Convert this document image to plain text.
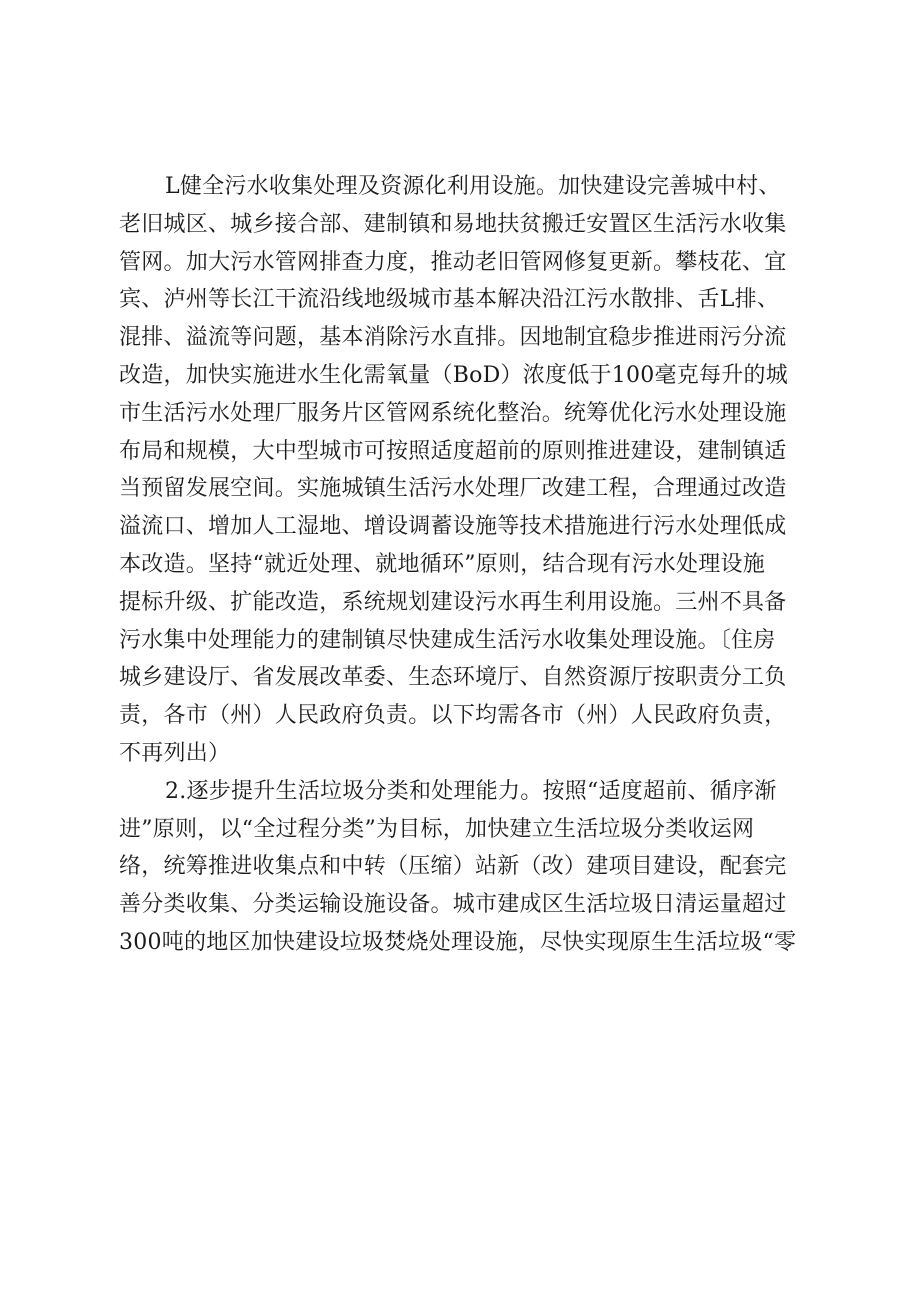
L健全污水收集处理及资源化利用设施。加快建设完善城中村、
老旧城区、城乡接合部、建制镇和易地扶贫搬迁安置区生活污水收集
管网。加大污水管网排查力度，推动老旧管网修复更新。攀枝花、宜
宾、泸州等长江干流沿线地级城市基本解决沿江污水散排、舌L排、
混排、溢流等问题，基本消除污水直排。因地制宜稳步推进雨污分流
改造，加快实施进水生化需氧量（BoD）浓度低于100毫克每升的城
市生活污水处理厂服务片区管网系统化整治。统筹优化污水处理设施
布局和规模，大中型城市可按照适度超前的原则推进建设，建制镇适
当预留发展空间。实施城镇生活污水处理厂改建工程，合理通过改造
溢流口、增加人工湿地、增设调蓄设施等技术措施进行污水处理低成
本改造。坚持“就近处理、就地循环”原则，结合现有污水处理设施
提标升级、扩能改造，系统规划建设污水再生利用设施。三州不具备
污水集中处理能力的建制镇尽快建成生活污水收集处理设施。〔住房
城乡建设厅、省发展改革委、生态环境厅、自然资源厅按职责分工负
责，各市（州）人民政府负责。以下均需各市（州）人民政府负责，
不再列出）
2.逐步提升生活垃圾分类和处理能力。按照“适度超前、循序渐
进”原则，以“全过程分类”为目标，加快建立生活垃圾分类收运网
络，统筹推进收集点和中转（压缩）站新（改）建项目建设，配套完
善分类收集、分类运输设施设备。城市建成区生活垃圾日清运量超过
300吨的地区加快建设垃圾焚烧处理设施，尽快实现原生生活垃圾“零
